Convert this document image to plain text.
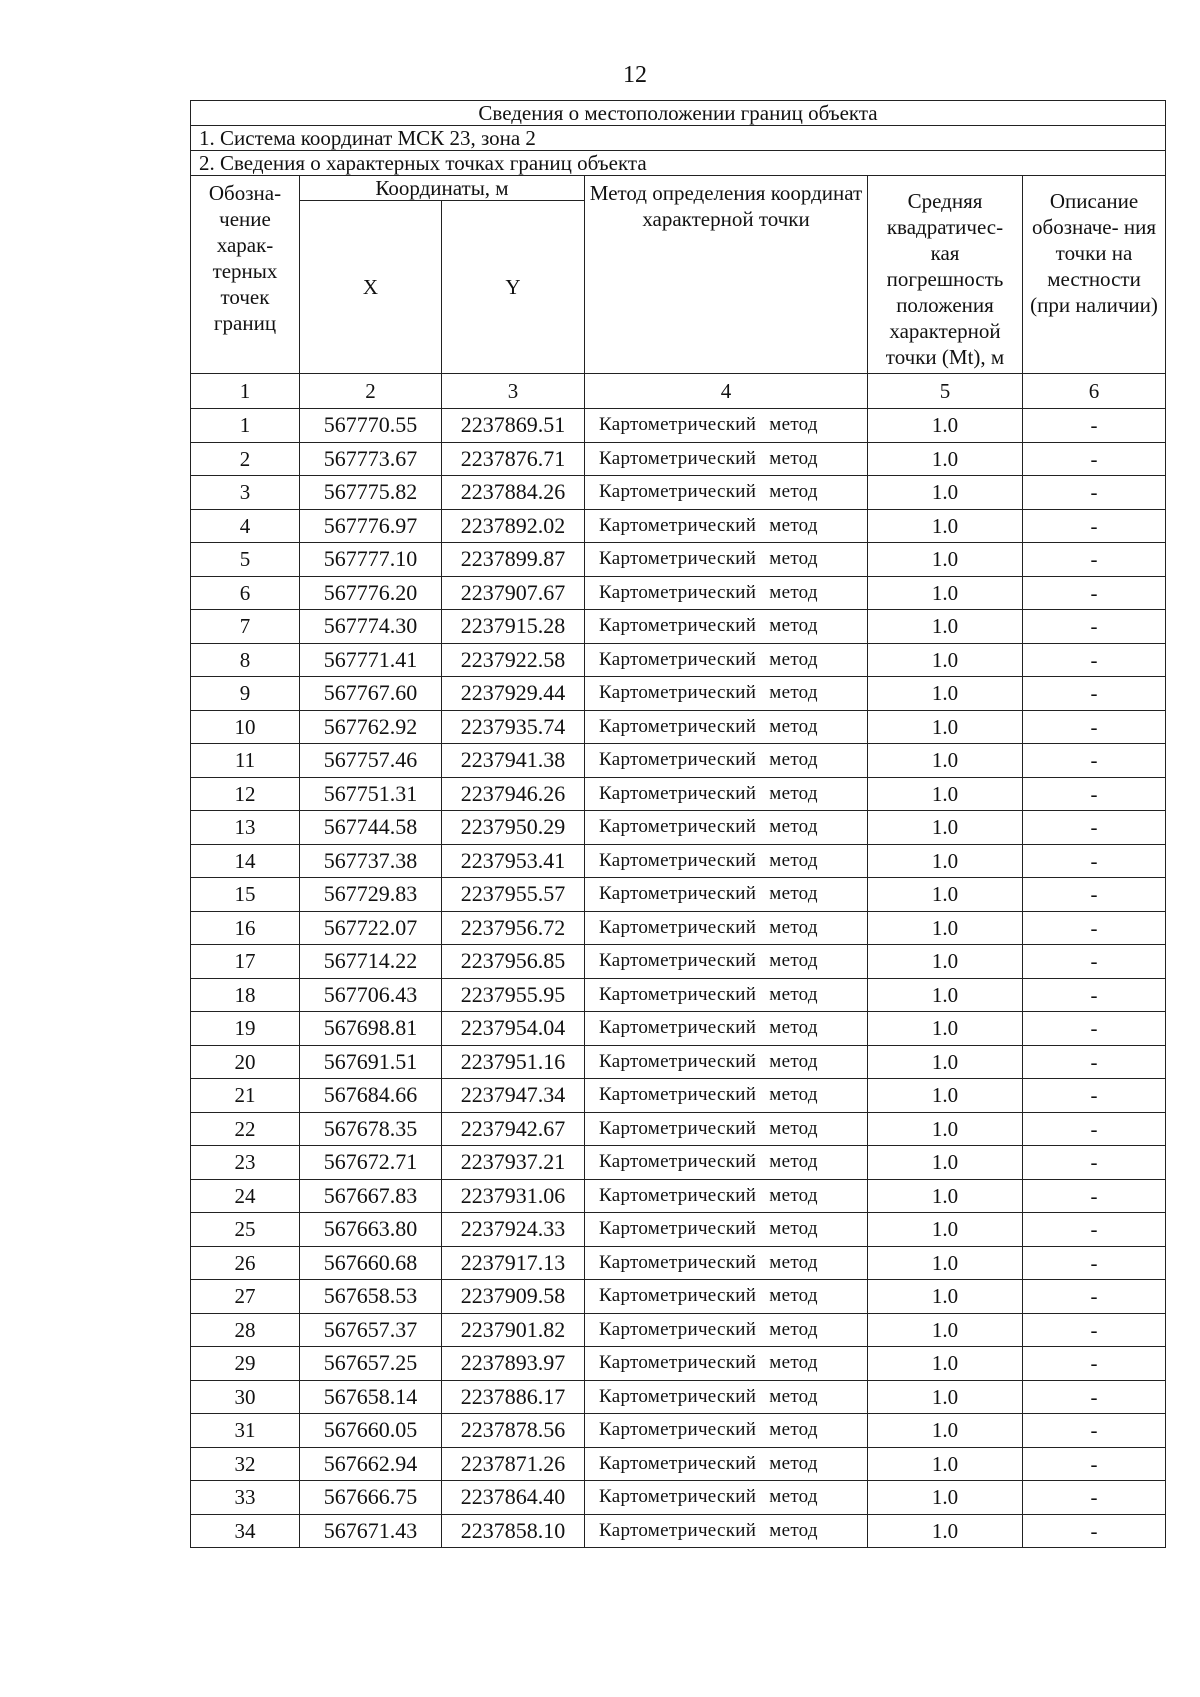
12
Сведения о местоположении границ объекта					
1. Система координат МСК 23, зона 2					
2. Сведения о характерных точках границ объекта					
Обозна- чение харак- терных точек границ	Координаты, м		Метод определения координат характерной точки	Средняя квадратичес- кая погрешность положения характерной точки (Mt), м	Описание обозначе- ния точки на местности (при наличии)
	X	Y			
1	2	3	4	5	6
1	567770.55	2237869.51	Картометрический метод	1.0	-
2	567773.67	2237876.71	Картометрический метод	1.0	-
3	567775.82	2237884.26	Картометрический метод	1.0	-
4	567776.97	2237892.02	Картометрический метод	1.0	-
5	567777.10	2237899.87	Картометрический метод	1.0	-
6	567776.20	2237907.67	Картометрический метод	1.0	-
7	567774.30	2237915.28	Картометрический метод	1.0	-
8	567771.41	2237922.58	Картометрический метод	1.0	-
9	567767.60	2237929.44	Картометрический метод	1.0	-
10	567762.92	2237935.74	Картометрический метод	1.0	-
11	567757.46	2237941.38	Картометрический метод	1.0	-
12	567751.31	2237946.26	Картометрический метод	1.0	-
13	567744.58	2237950.29	Картометрический метод	1.0	-
14	567737.38	2237953.41	Картометрический метод	1.0	-
15	567729.83	2237955.57	Картометрический метод	1.0	-
16	567722.07	2237956.72	Картометрический метод	1.0	-
17	567714.22	2237956.85	Картометрический метод	1.0	-
18	567706.43	2237955.95	Картометрический метод	1.0	-
19	567698.81	2237954.04	Картометрический метод	1.0	-
20	567691.51	2237951.16	Картометрический метод	1.0	-
21	567684.66	2237947.34	Картометрический метод	1.0	-
22	567678.35	2237942.67	Картометрический метод	1.0	-
23	567672.71	2237937.21	Картометрический метод	1.0	-
24	567667.83	2237931.06	Картометрический метод	1.0	-
25	567663.80	2237924.33	Картометрический метод	1.0	-
26	567660.68	2237917.13	Картометрический метод	1.0	-
27	567658.53	2237909.58	Картометрический метод	1.0	-
28	567657.37	2237901.82	Картометрический метод	1.0	-
29	567657.25	2237893.97	Картометрический метод	1.0	-
30	567658.14	2237886.17	Картометрический метод	1.0	-
31	567660.05	2237878.56	Картометрический метод	1.0	-
32	567662.94	2237871.26	Картометрический метод	1.0	-
33	567666.75	2237864.40	Картометрический метод	1.0	-
34	567671.43	2237858.10	Картометрический метод	1.0	-
